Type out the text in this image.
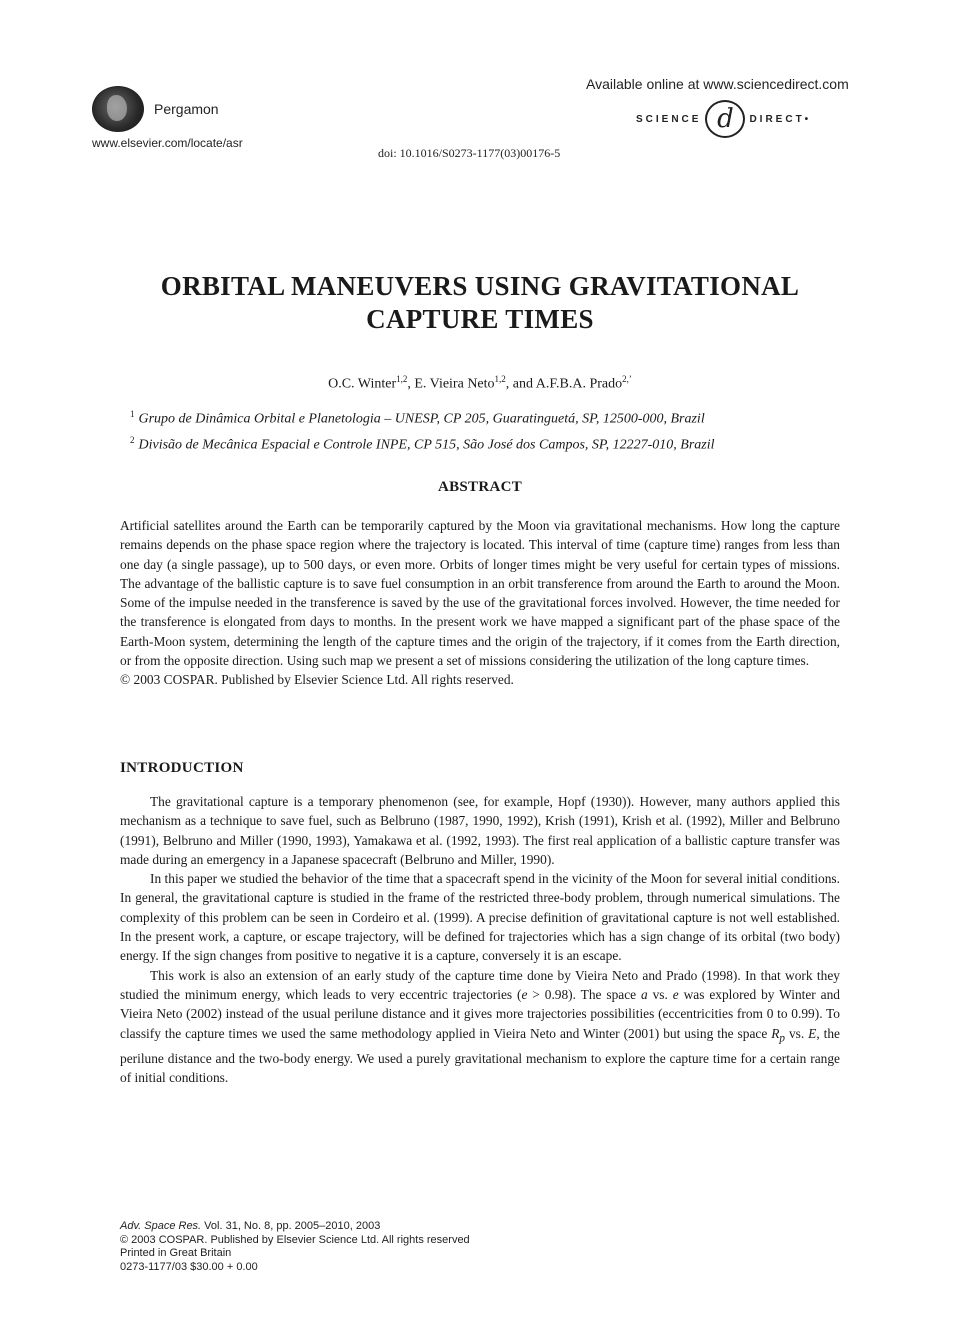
Pergamon
www.elsevier.com/locate/asr
doi: 10.1016/S0273-1177(03)00176-5
Available online at www.sciencedirect.com
SCIENCE d	DIRECT•
ORBITAL MANEUVERS USING GRAVITATIONAL
CAPTURE TIMES
O.C. Winter$^{1,2}$, E. Vieira Neto$^{1,2}$, and A.F.B.A. Prado$^{2,’}$
$^1$ Grupo de Dinâmica Orbital e Planetologia – UNESP, CP 205, Guaratinguetá, SP, 12500-000, Brazil
$^2$ Divisão de Mecânica Espacial e Controle INPE, CP 515, São José dos Campos, SP, 12227-010, Brazil
ABSTRACT

Artificial satellites around the Earth can be temporarily captured by the Moon via gravitational mechanisms. How long the capture remains depends on the phase space region where the trajectory is located. This interval of time (capture time) ranges from less than one day (a single passage), up to 500 days, or even more. Orbits of longer times might be very useful for certain types of missions. The advantage of the ballistic capture is to save fuel consumption in an orbit transference from around the Earth to around the Moon. Some of the impulse needed in the transference is saved by the use of the gravitational forces involved. However, the time needed for the transference is elongated from days to months. In the present work we have mapped a significant part of the phase space of the Earth-Moon system, determining the length of the capture times and the origin of the trajectory, if it comes from the Earth direction, or from the opposite direction. Using such map we present a set of missions considering the utilization of the long capture times.

© 2003 COSPAR. Published by Elsevier Science Ltd. All rights reserved.

INTRODUCTION

The gravitational capture is a temporary phenomenon (see, for example, Hopf (1930)). However, many authors applied this mechanism as a technique to save fuel, such as Belbruno (1987, 1990, 1992), Krish (1991), Krish et al. (1992), Miller and Belbruno (1991), Belbruno and Miller (1990, 1993), Yamakawa et al. (1992, 1993). The first real application of a ballistic capture transfer was made during an emergency in a Japanese spacecraft (Belbruno and Miller, 1990).

In this paper we studied the behavior of the time that a spacecraft spend in the vicinity of the Moon for several initial conditions. In general, the gravitational capture is studied in the frame of the restricted three-body problem, through numerical simulations. The complexity of this problem can be seen in Cordeiro et al. (1999). A precise definition of gravitational capture is not well established. In the present work, a capture, or escape trajectory, will be defined for trajectories which has a sign change of its orbital (two body) energy. If the sign changes from positive to negative it is a capture, conversely it is an escape.

This work is also an extension of an early study of the capture time done by Vieira Neto and Prado (1998). In that work they studied the minimum energy, which leads to very eccentric trajectories (e > 0.98). The space a vs. e was explored by Winter and Vieira Neto (2002) instead of the usual perilune distance and it gives more trajectories possibilities (eccentricities from 0 to 0.99). To classify the capture times we used the same methodology applied in Vieira Neto and Winter (2001) but using the space $R_p$ vs. E, the perilune distance and the two-body energy. We used a purely gravitational mechanism to explore the capture time for a certain range of initial conditions.

Adv. Space Res. Vol. 31, No. 8, pp. 2005–2010, 2003
© 2003 COSPAR. Published by Elsevier Science Ltd. All rights reserved
Printed in Great Britain
0273-1177/03 $30.00 + 0.00
